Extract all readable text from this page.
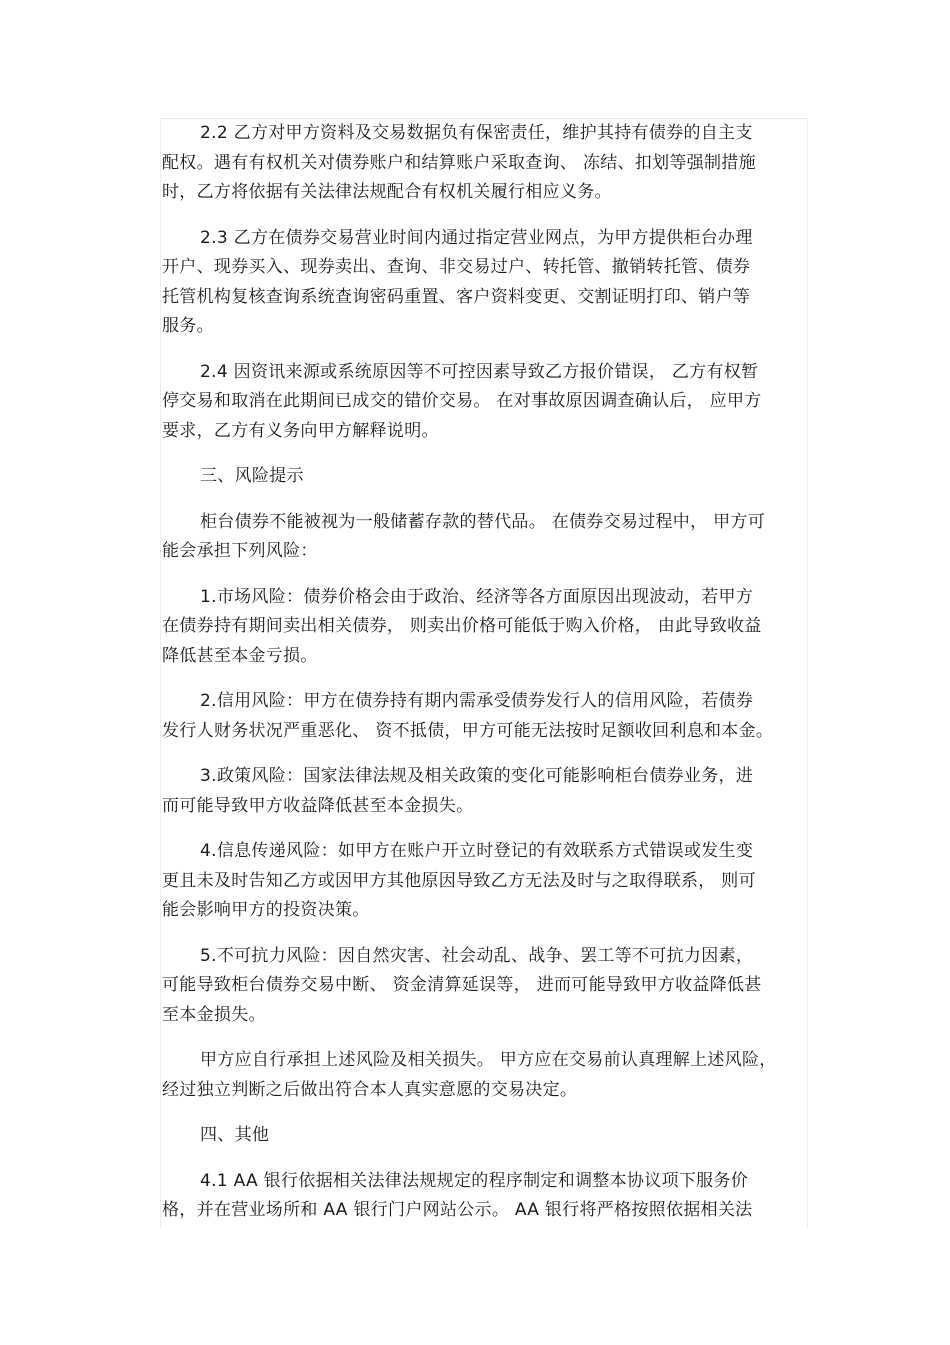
2.2 乙方对甲方资料及交易数据负有保密责任，维护其持有债券的自主支
配权。遇有有权机关对债券账户和结算账户采取查询、 冻结、扣划等强制措施
时，乙方将依据有关法律法规配合有权机关履行相应义务。
2.3 乙方在债券交易营业时间内通过指定营业网点，为甲方提供柜台办理
开户、现券买入、现券卖出、查询、非交易过户、转托管、撤销转托管、债券
托管机构复核查询系统查询密码重置、客户资料变更、交割证明打印、销户等
服务。
2.4 因资讯来源或系统原因等不可控因素导致乙方报价错误， 乙方有权暂
停交易和取消在此期间已成交的错价交易。 在对事故原因调查确认后， 应甲方
要求，乙方有义务向甲方解释说明。
三、风险提示
柜台债券不能被视为一般储蓄存款的替代品。 在债券交易过程中， 甲方可
能会承担下列风险：
1.市场风险：债券价格会由于政治、经济等各方面原因出现波动，若甲方
在债券持有期间卖出相关债券， 则卖出价格可能低于购入价格， 由此导致收益
降低甚至本金亏损。
2.信用风险：甲方在债券持有期内需承受债券发行人的信用风险，若债券
发行人财务状况严重恶化、 资不抵债，甲方可能无法按时足额收回利息和本金。
3.政策风险：国家法律法规及相关政策的变化可能影响柜台债券业务，进
而可能导致甲方收益降低甚至本金损失。
4.信息传递风险：如甲方在账户开立时登记的有效联系方式错误或发生变
更且未及时告知乙方或因甲方其他原因导致乙方无法及时与之取得联系， 则可
能会影响甲方的投资决策。
5.不可抗力风险：因自然灾害、社会动乱、战争、罢工等不可抗力因素，
可能导致柜台债券交易中断、 资金清算延误等， 进而可能导致甲方收益降低甚
至本金损失。
甲方应自行承担上述风险及相关损失。 甲方应在交易前认真理解上述风险，
经过独立判断之后做出符合本人真实意愿的交易决定。
四、其他
4.1 AA 银行依据相关法律法规规定的程序制定和调整本协议项下服务价
格，并在营业场所和 AA 银行门户网站公示。 AA 银行将严格按照依据相关法
